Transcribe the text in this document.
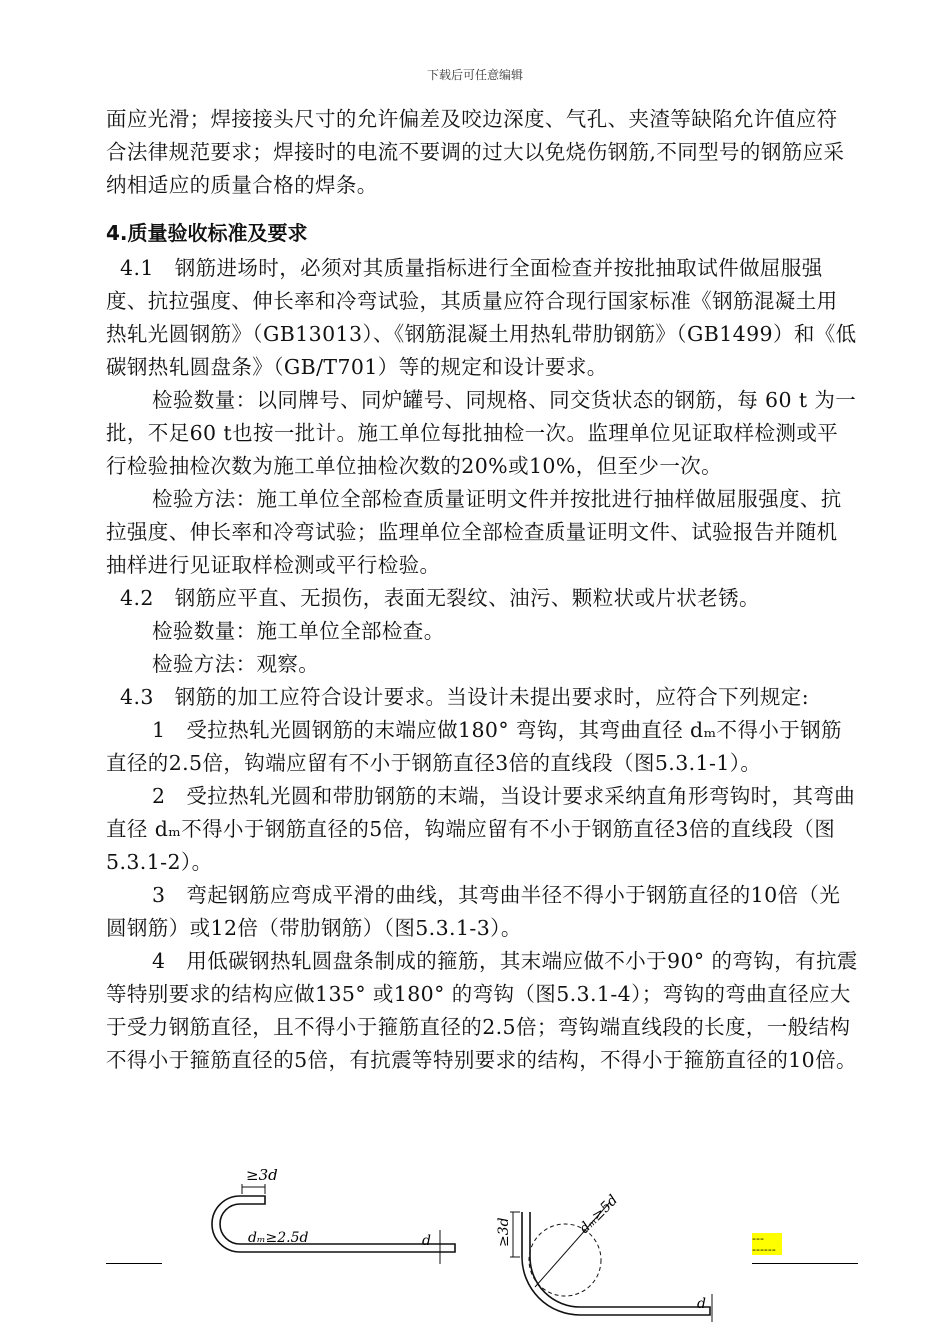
下载后可任意编辑
面应光滑；焊接接头尺寸的允许偏差及咬边深度、气孔、夹渣等缺陷允许值应符合法律规范要求；焊接时的电流不要调的过大以免烧伤钢筋,不同型号的钢筋应采纳相适应的质量合格的焊条。
4.质量验收标准及要求
4.1　钢筋进场时，必须对其质量指标进行全面检查并按批抽取试件做屈服强度、抗拉强度、伸长率和冷弯试验，其质量应符合现行国家标准《钢筋混凝土用热轧光圆钢筋》（GB13013）、《钢筋混凝土用热轧带肋钢筋》（GB1499）和《低碳钢热轧圆盘条》（GB/T701）等的规定和设计要求。
检验数量：以同牌号、同炉罐号、同规格、同交货状态的钢筋，每 60 t 为一批，不足60 t也按一批计。施工单位每批抽检一次。监理单位见证取样检测或平行检验抽检次数为施工单位抽检次数的20%或10%，但至少一次。
检验方法：施工单位全部检查质量证明文件并按批进行抽样做屈服强度、抗拉强度、伸长率和冷弯试验；监理单位全部检查质量证明文件、试验报告并随机抽样进行见证取样检测或平行检验。
4.2　钢筋应平直、无损伤，表面无裂纹、油污、颗粒状或片状老锈。
检验数量：施工单位全部检查。
检验方法：观察。
4.3　钢筋的加工应符合设计要求。当设计未提出要求时，应符合下列规定:
1　受拉热轧光圆钢筋的末端应做180° 弯钩，其弯曲直径 dₘ不得小于钢筋直径的2.5倍，钩端应留有不小于钢筋直径3倍的直线段（图5.3.1-1）。
2　受拉热轧光圆和带肋钢筋的末端，当设计要求采纳直角形弯钩时，其弯曲直径 dₘ不得小于钢筋直径的5倍，钩端应留有不小于钢筋直径3倍的直线段（图5.3.1-2）。
3　弯起钢筋应弯成平滑的曲线，其弯曲半径不得小于钢筋直径的10倍（光圆钢筋）或12倍（带肋钢筋）（图5.3.1-3）。
4　用低碳钢热轧圆盘条制成的箍筋，其末端应做不小于90° 的弯钩，有抗震等特别要求的结构应做135° 或180° 的弯钩（图5.3.1-4）；弯钩的弯曲直径应大于受力钢筋直径，且不得小于箍筋直径的2.5倍；弯钩端直线段的长度，一般结构不得小于箍筋直径的5倍，有抗震等特别要求的结构，不得小于箍筋直径的10倍。
---
------
≥3d
dₘ≥2.5d	d	≥3d	dₘ≥5d
d
